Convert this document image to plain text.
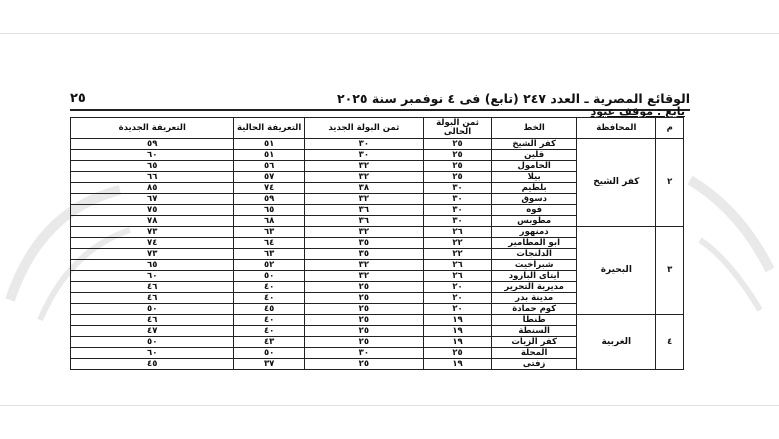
الوقائع المصرية ـ العدد ٢٤٧ (تابع) فى ٤ نوفمبر سنة ٢٠٢٥
٢٥
تابع : موقف عبود
م	المحافظة	الخط	ثمن البولة الحالى	ثمن البولة الجديد	التعريفة الحالية	التعريفة الجديدة
٢	كفر الشيخ	كفر الشيخ	٢٥	٣٠	٥١	٥٩
		قلين	٢٥	٣٠	٥١	٦٠
		الحامول	٢٥	٣٢	٥٦	٦٥
		بيلا	٢٥	٣٢	٥٧	٦٦
		بلطيم	٣٠	٣٨	٧٤	٨٥
		دسوق	٣٠	٣٢	٥٩	٦٧
		فوه	٣٠	٣٦	٦٥	٧٥
		مطوبس	٣٠	٣٦	٦٨	٧٨
٣	البحيرة	دمنهور	٢٦	٣٢	٦٣	٧٣
		ابو المطامير	٢٢	٣٥	٦٤	٧٤
		الدلنجات	٢٢	٣٥	٦٣	٧٣
		شبراخيت	٢٦	٣٢	٥٢	٦٥
		ايتاى البارود	٢٦	٣٢	٥٠	٦٠
		مديرية التحرير	٢٠	٢٥	٤٠	٤٦
		مدينة بدر	٢٠	٢٥	٤٠	٤٦
		كوم حمادة	٢٠	٢٥	٤٥	٥٠
٤	الغربية	طنطا	١٩	٢٥	٤٠	٤٦
		السنطة	١٩	٢٥	٤٠	٤٧
		كفر الزيات	١٩	٢٥	٤٣	٥٠
		المحلة	٢٥	٣٠	٥٠	٦٠
		زفتى	١٩	٢٥	٣٧	٤٥
